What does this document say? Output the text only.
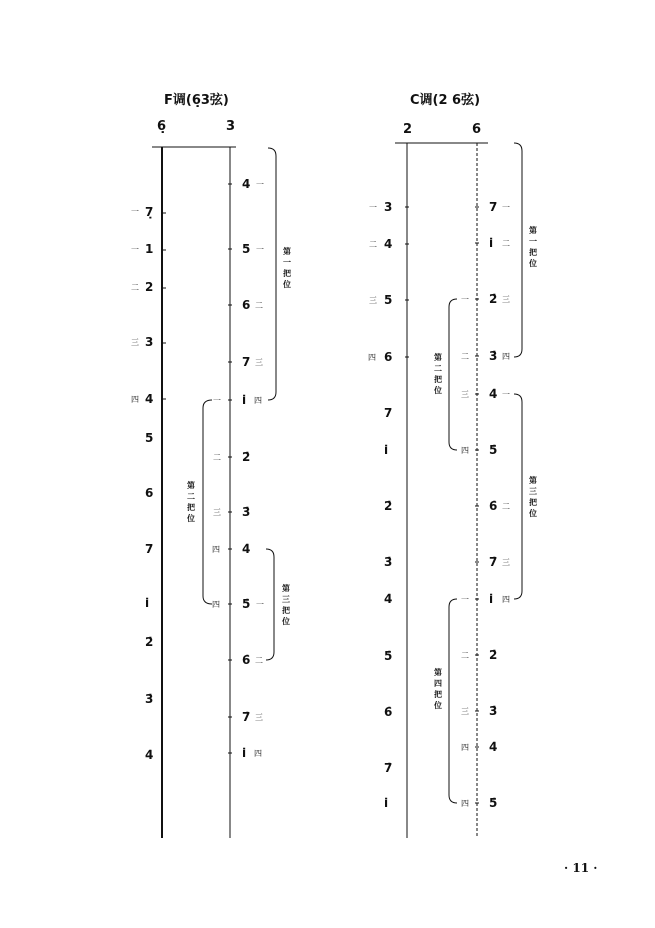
F调(6̣3弦)
6̣	3
7̣
1
2
3
4
5
6
7
i̇
2̇
3̇
4̇
一
一
二
三
四
4
5
6
7
i̇
2̇
3̇
4̇
5̇
6̇
7̇
i̇
一
一
二
三
四
一
二
三
四
一
二
三
四
四
第一把位
第二把位
第三把位
C调(2 6弦)
2	6
3
4
5
6
7
i̇
2̇
3̇
4̇
5̇
6̇
7̇
i̇
一
二
三
四
7
i̇
2̇
3̇
4̇
5̇
6̇
7̇
i̇
2̇
3̇
4̇
5̇
一
二
三
四
一
二
三
四
一
二
三
四
一
二
三
四
四
第一把位
第二把位
第三把位
第四把位
· 11 ·
